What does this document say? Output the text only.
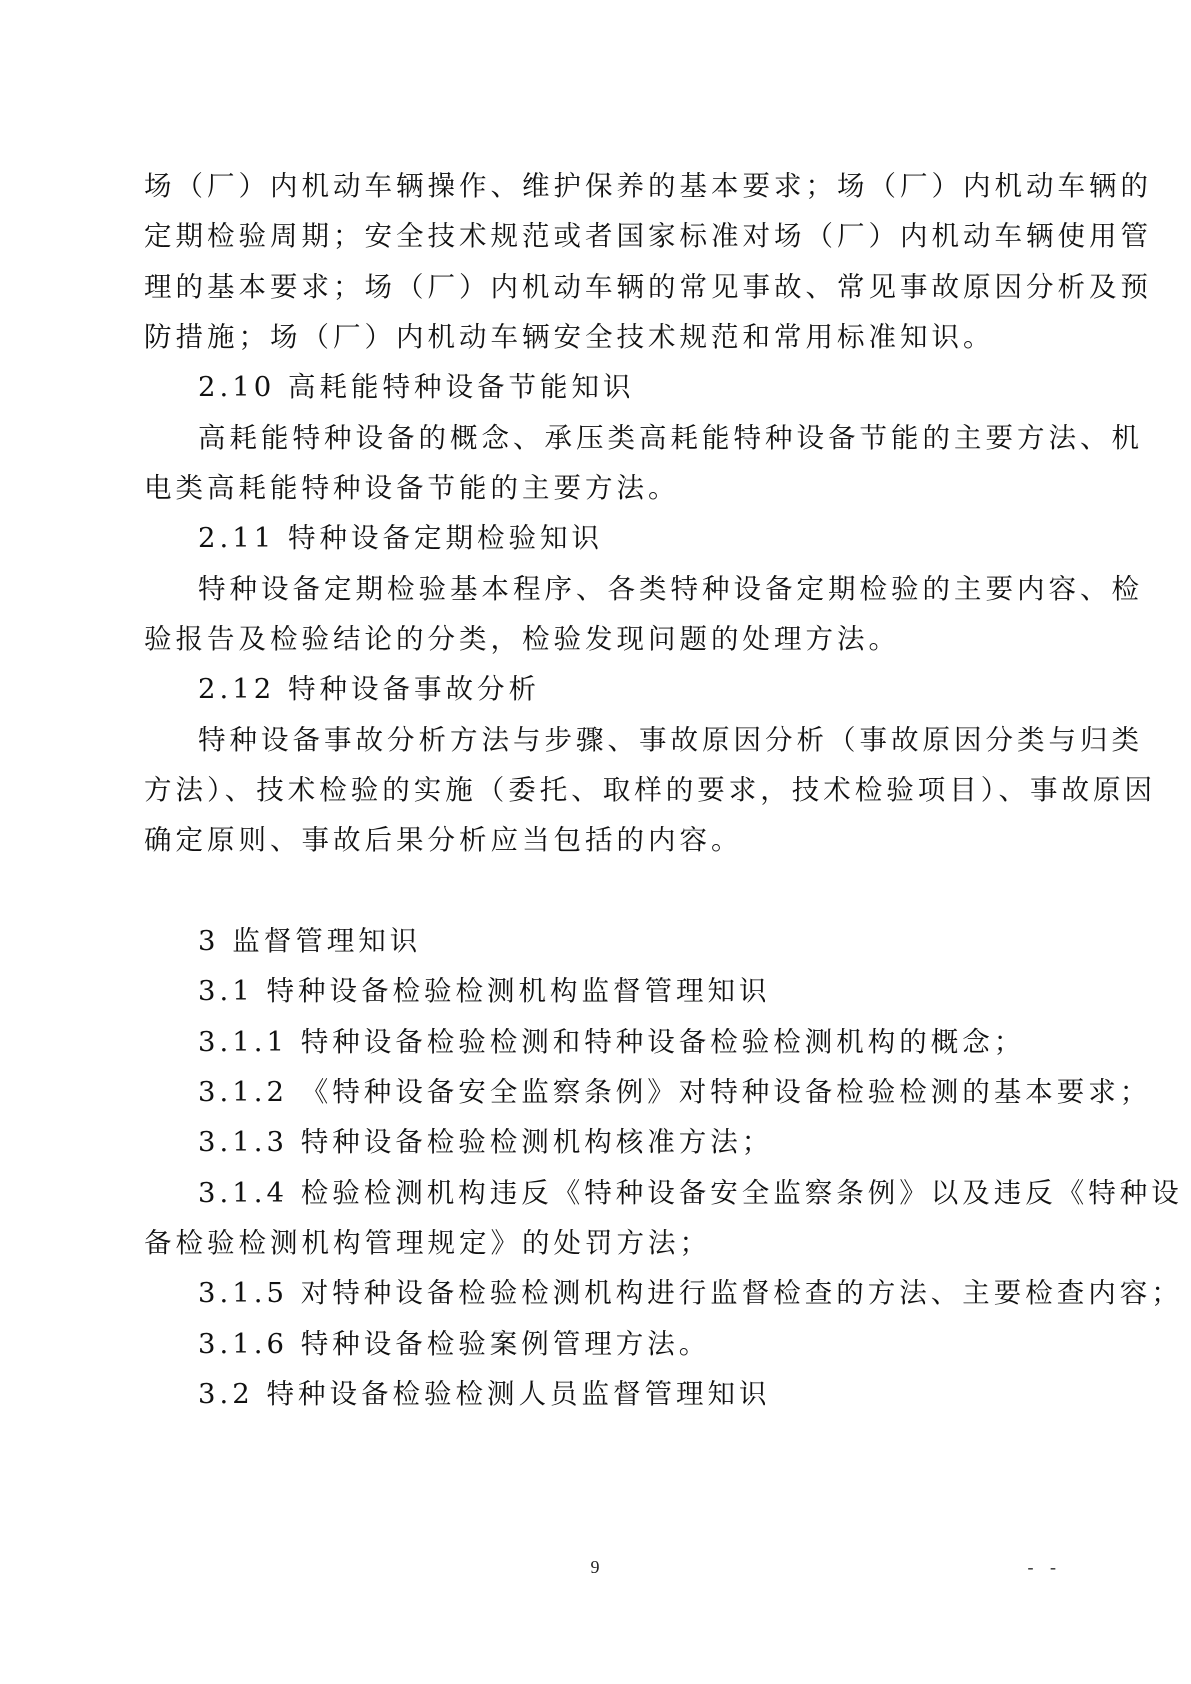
场（厂）内机动车辆操作、维护保养的基本要求；场（厂）内机动车辆的
定期检验周期；安全技术规范或者国家标准对场（厂）内机动车辆使用管
理的基本要求；场（厂）内机动车辆的常见事故、常见事故原因分析及预
防措施；场（厂）内机动车辆安全技术规范和常用标准知识。
2.10 高耗能特种设备节能知识
高耗能特种设备的概念、承压类高耗能特种设备节能的主要方法、机
电类高耗能特种设备节能的主要方法。
2.11 特种设备定期检验知识
特种设备定期检验基本程序、各类特种设备定期检验的主要内容、检
验报告及检验结论的分类，检验发现问题的处理方法。
2.12 特种设备事故分析
特种设备事故分析方法与步骤、事故原因分析（事故原因分类与归类
方法）、技术检验的实施（委托、取样的要求，技术检验项目）、事故原因
确定原则、事故后果分析应当包括的内容。
3 监督管理知识
3.1 特种设备检验检测机构监督管理知识
3.1.1 特种设备检验检测和特种设备检验检测机构的概念；
3.1.2 《特种设备安全监察条例》对特种设备检验检测的基本要求；
3.1.3 特种设备检验检测机构核准方法；
3.1.4 检验检测机构违反《特种设备安全监察条例》以及违反《特种设
备检验检测机构管理规定》的处罚方法；
3.1.5 对特种设备检验检测机构进行监督检查的方法、主要检查内容；
3.1.6 特种设备检验案例管理方法。
3.2 特种设备检验检测人员监督管理知识
9	- -
